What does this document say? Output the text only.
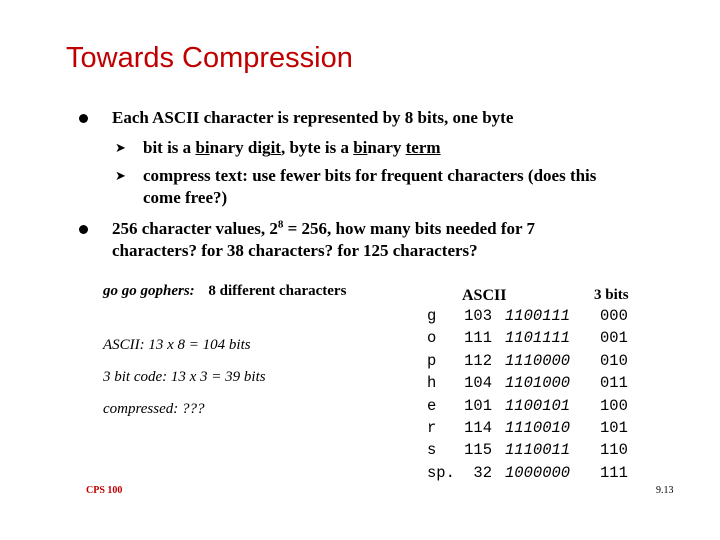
Towards Compression
Each ASCII character is represented by 8 bits, one byte
➤ bit is a binary digit, byte is a binary term
➤ compress text: use fewer bits for frequent characters (does this
come free?)
256 character values, $2^8 = 256$, how many bits needed for 7
characters? for 38 characters? for 125 characters?
go go gophers: 8 different characters
ASCII: 13 x 8 = 104 bits
3 bit code: 13 x 3 = 39 bits
compressed: ???
ASCII	3 bits
g
o
p
h
e
r
s
sp.
103
111
112
104
101
114
115
32
1100111
1101111
1110000
1101000
1100101
1110010
1110011
1000000
000
001
010
011
100
101
110
111
CPS 100	9.13
